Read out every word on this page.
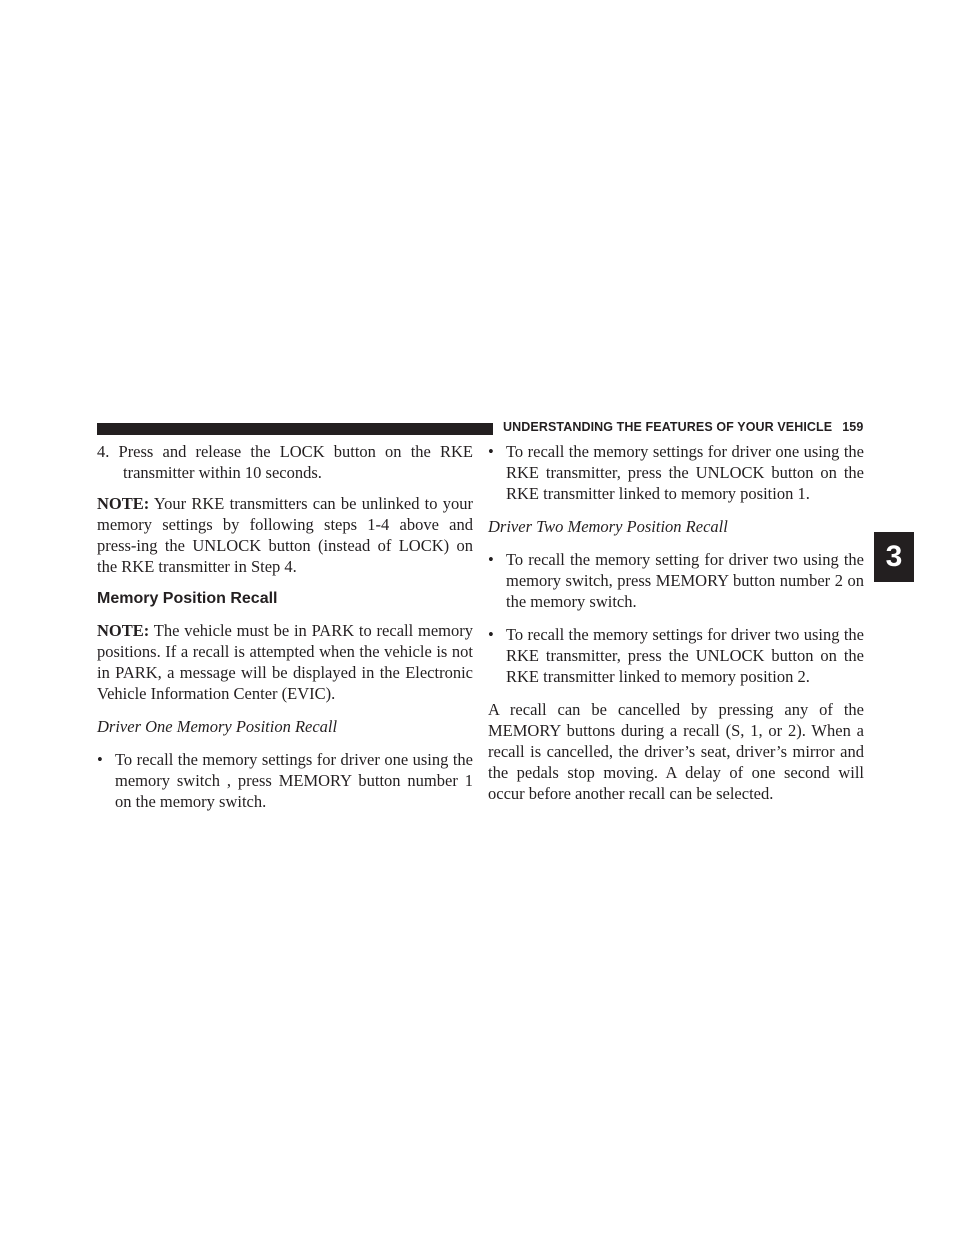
UNDERSTANDING THE FEATURES OF YOUR VEHICLE 159
3

4. Press and release the LOCK button on the RKE transmitter within 10 seconds.

NOTE: Your RKE transmitters can be unlinked to your memory settings by following steps 1-4 above and press-ing the UNLOCK button (instead of LOCK) on the RKE transmitter in Step 4.

Memory Position Recall

NOTE: The vehicle must be in PARK to recall memory positions. If a recall is attempted when the vehicle is not in PARK, a message will be displayed in the Electronic Vehicle Information Center (EVIC).

Driver One Memory Position Recall

• To recall the memory settings for driver one using the memory switch , press MEMORY button number 1 on the memory switch.

• To recall the memory settings for driver one using the RKE transmitter, press the UNLOCK button on the RKE transmitter linked to memory position 1.

Driver Two Memory Position Recall

• To recall the memory setting for driver two using the memory switch, press MEMORY button number 2 on the memory switch.

• To recall the memory settings for driver two using the RKE transmitter, press the UNLOCK button on the RKE transmitter linked to memory position 2.

A recall can be cancelled by pressing any of the MEMORY buttons during a recall (S, 1, or 2). When a recall is cancelled, the driver’s seat, driver’s mirror and the pedals stop moving. A delay of one second will occur before another recall can be selected.
